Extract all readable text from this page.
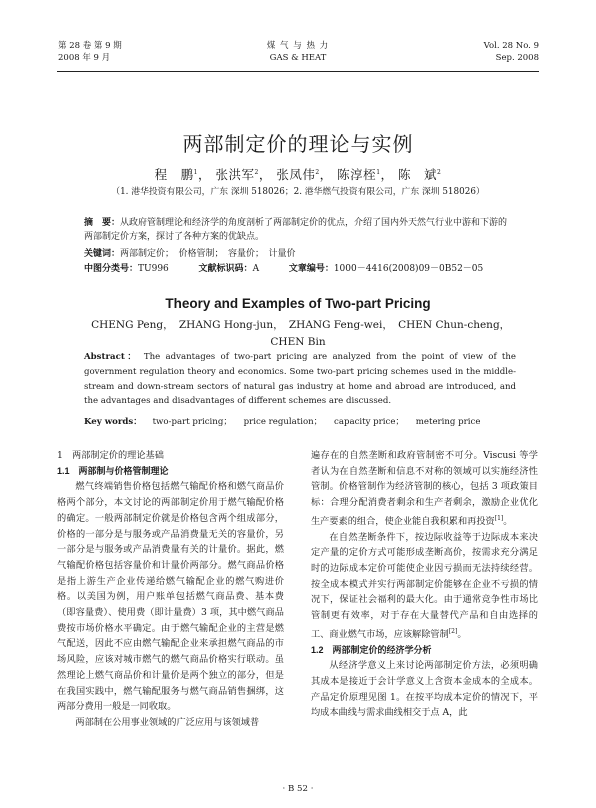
第 28 卷 第 9 期
2008 年 9 月
煤 气 与 热 力
GAS & HEAT
Vol. 28 No. 9
Sep. 2008
两部制定价的理论与实例
程　鹏$^1$， 张洪军$^2$， 张凤伟$^2$， 陈淳桎$^1$， 陈　斌$^2$
（1. 港华投资有限公司，广东 深圳 518026；2. 港华燃气投资有限公司，广东 深圳 518026）
摘　要：从政府管制理论和经济学的角度剖析了两部制定价的优点，介绍了国内外天然气行业中游和下游的两部制定价方案，探讨了各种方案的优缺点。
关键词：两部制定价；　价格管制；　容量价；　计量价
中图分类号：TU996	文献标识码：A	文章编号：1000－4416(2008)09－0B52－05
Theory and Examples of Two-part Pricing
CHENG Peng，　ZHANG Hong-jun，　ZHANG Feng-wei，　CHEN Chun-cheng，　CHEN Bin
Abstract： The advantages of two-part pricing are analyzed from the point of view of the government regulation theory and economics. Some two-part pricing schemes used in the middle-stream and down-stream sectors of natural gas industry at home and abroad are introduced, and the advantages and disadvantages of different schemes are discussed.
Key words： two-part pricing； price regulation； capacity price； metering price
1　两部制定价的理论基础
1.1　两部制与价格管制理论

燃气终端销售价格包括燃气输配价格和燃气商品价格两个部分，本文讨论的两部制定价用于燃气输配价格的确定。一般两部制定价就是价格包含两个组成部分，价格的一部分是与服务或产品消费量无关的容量价，另一部分是与服务或产品消费量有关的计量价。据此，燃气输配价格包括容量价和计量价两部分。燃气商品价格是指上游生产企业传递给燃气输配企业的燃气购进价格。以美国为例，用户账单包括燃气商品费、基本费（即容量费）、使用费（即计量费）3 项，其中燃气商品费按市场价格水平确定。由于燃气输配企业的主营是燃气配送，因此不应由燃气输配企业来承担燃气商品的市场风险，应该对城市燃气的燃气商品价格实行联动。虽然理论上燃气商品价和计量价是两个独立的部分，但是在我国实践中，燃气输配服务与燃气商品销售捆绑，这两部分费用一般是一同收取。

两部制在公用事业领域的广泛应用与该领域普

遍存在的自然垄断和政府管制密不可分。Viscusi 等学者认为在自然垄断和信息不对称的领域可以实施经济性管制。价格管制作为经济管制的核心，包括 3 项政策目标：合理分配消费者剩余和生产者剩余，激励企业优化生产要素的组合，使企业能自我积累和再投资[1]。

在自然垄断条件下，按边际收益等于边际成本来决定产量的定价方式可能形成垄断高价，按需求充分满足时的边际成本定价可能使企业因亏损而无法持续经营。按全成本模式并实行两部制定价能够在企业不亏损的情况下，保证社会福利的最大化。由于通常竞争性市场比管制更有效率，对于存在大量替代产品和自由选择的工、商业燃气市场，应该解除管制[2]。

1.2　两部制定价的经济学分析

从经济学意义上来讨论两部制定价方法，必须明确其成本是接近于会计学意义上含资本金成本的全成本。产品定价原理见图 1。在按平均成本定价的情况下，平均成本曲线与需求曲线相交于点 A，此

· B 52 ·
